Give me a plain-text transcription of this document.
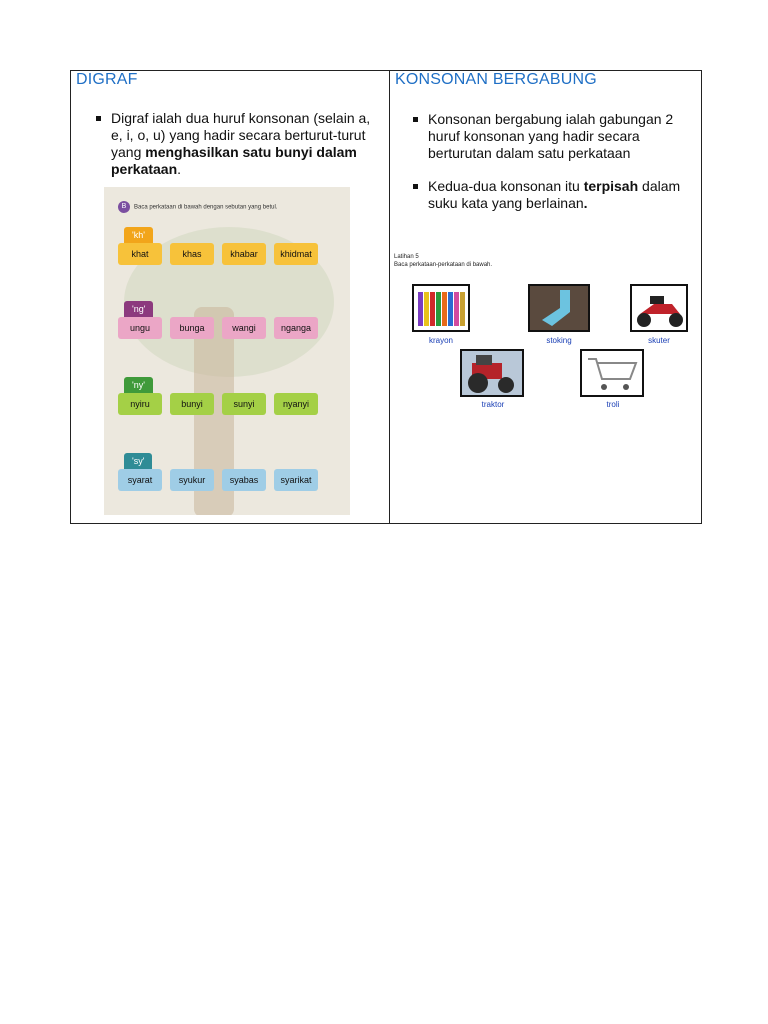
DIGRAF
Digraf ialah dua huruf konsonan (selain a, e, i, o, u) yang hadir secara berturut-turut yang menghasilkan satu bunyi dalam perkataan.
B Baca perkataan di bawah dengan sebutan yang betul.
'kh'
khat	khas	khabar	khidmat
'ng'
ungu	bunga	wangi	nganga
'ny'
nyiru	bunyi	sunyi	nyanyi
'sy'
syarat	syukur	syabas	syarikat
KONSONAN BERGABUNG
Konsonan bergabung ialah gabungan 2 huruf konsonan yang hadir secara berturutan dalam satu perkataan
Kedua-dua konsonan itu terpisah dalam suku kata yang berlainan.
Latihan 5
Baca perkataan-perkataan di bawah.
krayon	stoking	skuter
traktor	troli
